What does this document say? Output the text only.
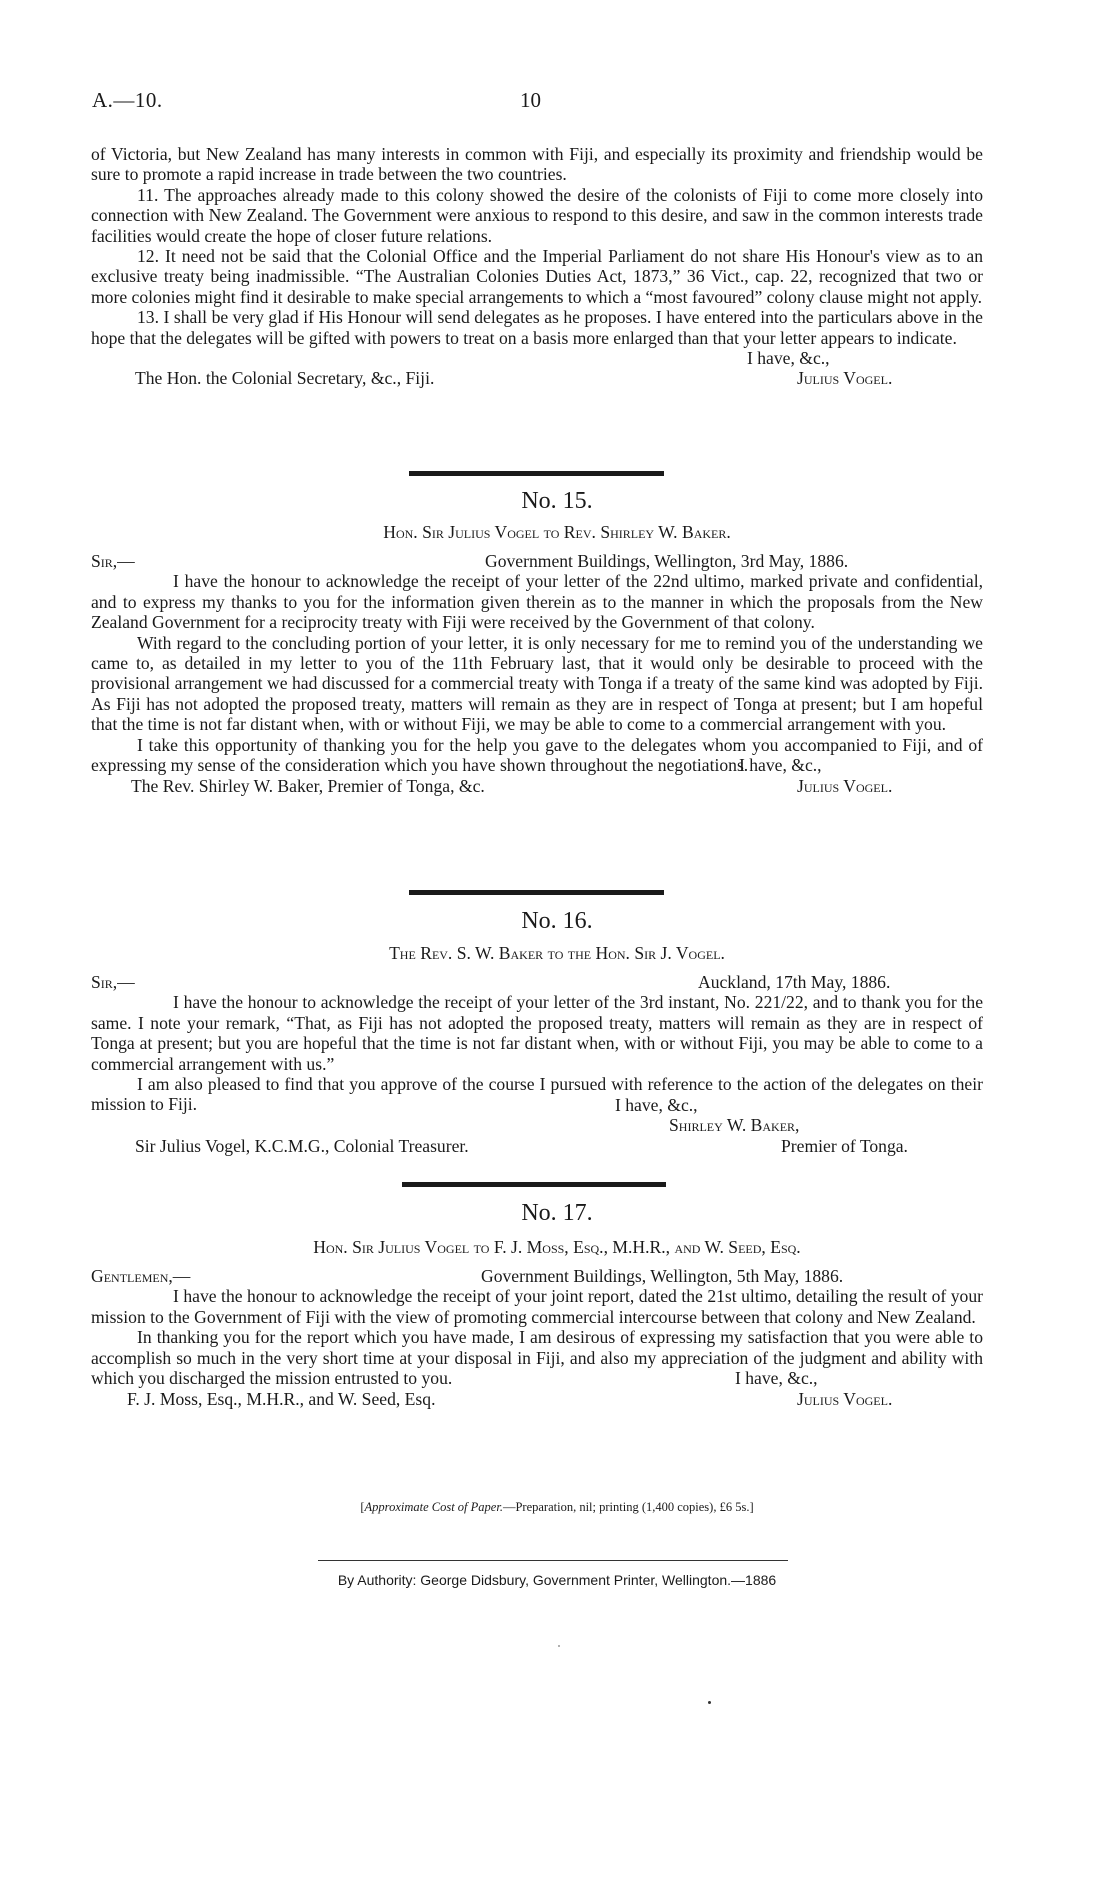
A.—10.	10

of Victoria, but New Zealand has many interests in common with Fiji, and especially its proximity and friendship would be sure to promote a rapid increase in trade between the two countries.

11. The approaches already made to this colony showed the desire of the colonists of Fiji to come more closely into connection with New Zealand. The Government were anxious to respond to this desire, and saw in the common interests trade facilities would create the hope of closer future relations.

12. It need not be said that the Colonial Office and the Imperial Parliament do not share His Honour's view as to an exclusive treaty being inadmissible. “The Australian Colonies Duties Act, 1873,” 36 Vict., cap. 22, recognized that two or more colonies might find it desirable to make special arrangements to which a “most favoured” colony clause might not apply.

13. I shall be very glad if His Honour will send delegates as he proposes. I have entered into the particulars above in the hope that the delegates will be gifted with powers to treat on a basis more enlarged than that your letter appears to indicate.

I have, &c.,
The Hon. the Colonial Secretary, &c., Fiji.	Julius Vogel.
No. 15.
Hon. Sir Julius Vogel to Rev. Shirley W. Baker.
Sir,—	Government Buildings, Wellington, 3rd May, 1886.

I have the honour to acknowledge the receipt of your letter of the 22nd ultimo, marked private and confidential, and to express my thanks to you for the information given therein as to the manner in which the proposals from the New Zealand Government for a reciprocity treaty with Fiji were received by the Government of that colony.

With regard to the concluding portion of your letter, it is only necessary for me to remind you of the understanding we came to, as detailed in my letter to you of the 11th February last, that it would only be desirable to proceed with the provisional arrangement we had discussed for a commercial treaty with Tonga if a treaty of the same kind was adopted by Fiji. As Fiji has not adopted the proposed treaty, matters will remain as they are in respect of Tonga at present; but I am hopeful that the time is not far distant when, with or without Fiji, we may be able to come to a commercial arrangement with you.

I take this opportunity of thanking you for the help you gave to the delegates whom you accompanied to Fiji, and of expressing my sense of the consideration which you have shown throughout the negotiations.

I have, &c.,
The Rev. Shirley W. Baker, Premier of Tonga, &c.	Julius Vogel.
No. 16.
The Rev. S. W. Baker to the Hon. Sir J. Vogel.
Sir,—	Auckland, 17th May, 1886.

I have the honour to acknowledge the receipt of your letter of the 3rd instant, No. 221/22, and to thank you for the same. I note your remark, “That, as Fiji has not adopted the proposed treaty, matters will remain as they are in respect of Tonga at present; but you are hopeful that the time is not far distant when, with or without Fiji, you may be able to come to a commercial arrangement with us.”

I am also pleased to find that you approve of the course I pursued with reference to the action of the delegates on their mission to Fiji.	I have, &c.,
Shirley W. Baker,
Sir Julius Vogel, K.C.M.G., Colonial Treasurer.	Premier of Tonga.
No. 17.
Hon. Sir Julius Vogel to F. J. Moss, Esq., M.H.R., and W. Seed, Esq.
Gentlemen,—	Government Buildings, Wellington, 5th May, 1886.

I have the honour to acknowledge the receipt of your joint report, dated the 21st ultimo, detailing the result of your mission to the Government of Fiji with the view of promoting commercial intercourse between that colony and New Zealand.

In thanking you for the report which you have made, I am desirous of expressing my satisfaction that you were able to accomplish so much in the very short time at your disposal in Fiji, and also my appreciation of the judgment and ability with which you discharged the mission entrusted to you.	I have, &c.,
F. J. Moss, Esq., M.H.R., and W. Seed, Esq.	Julius Vogel.
[Approximate Cost of Paper.—Preparation, nil; printing (1,400 copies), £6 5s.]
By Authority: George Didsbury, Government Printer, Wellington.—1886
